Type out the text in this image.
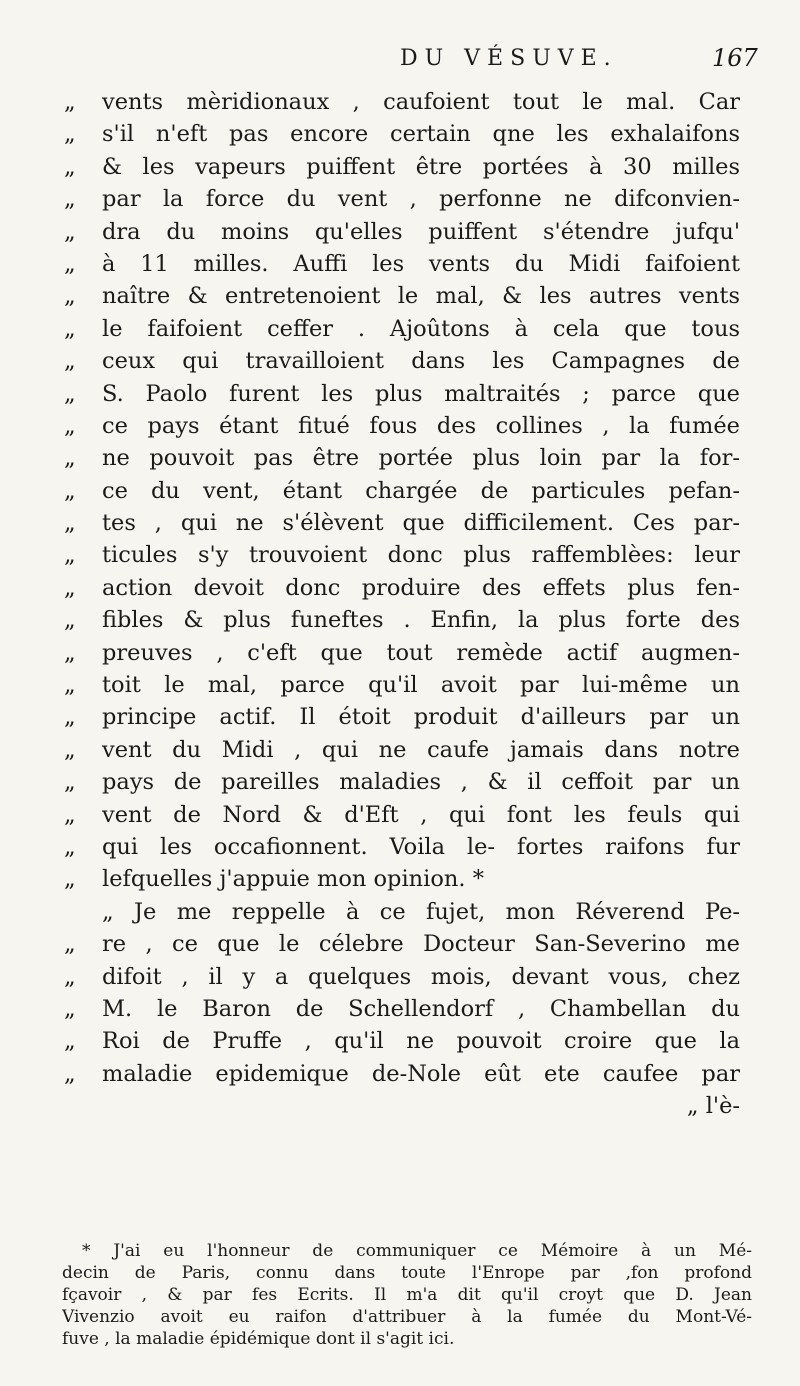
DU VÉSUVE.	167
„	vents mèridionaux , caufoient tout le mal. Car
„	s'il n'eft pas encore certain qne les exhalaifons
„	& les vapeurs puiffent être portées à 30 milles
„	par la force du vent , perfonne ne difconvien-
„	dra du moins qu'elles puiffent s'étendre jufqu'
„	à 11 milles. Auffi les vents du Midi faifoient
„	naître & entretenoient le mal, & les autres vents
„	le faifoient ceffer . Ajoûtons à cela que tous
„	ceux qui travailloient dans les Campagnes de
„	S. Paolo furent les plus maltraités ; parce que
„	ce pays étant fitué fous des collines , la fumée
„	ne pouvoit pas être portée plus loin par la for-
„	ce du vent, étant chargée de particules pefan-
„	tes , qui ne s'élèvent que difficilement. Ces par-
„	ticules s'y trouvoient donc plus raffemblèes: leur
„	aᴄtion devoit donc produire des effets plus fen-
„	fibles & plus funeftes . Enfin, la plus forte des
„	preuves , c'eft que tout remède aᴄtif augmen-
„	toit le mal, parce qu'il avoit par lui-même un
„	principe aᴄtif. Il étoit produit d'ailleurs par un
„	vent du Midi , qui ne caufe jamais dans notre
„	pays de pareilles maladies , & il ceffoit par un
„	vent de Nord & d'Eft , qui font les feuls qui
„	qui les occafionnent. Voila le- fortes raifons fur
„	lefquelles j'appuie mon opinion. *
„ Je me reppelle à ce fujet, mon Réverend Pe-
„	re , ce que le célebre Doᴄteur San-Severino me
„	difoit , il y a quelques mois, devant vous, chez
„	M. le Baron de Schellendorf , Chambellan du
„	Roi de Pruffe , qu'il ne pouvoit croire que la
„	maladie epidemique de-Nole eût ete caufee par
„ l'è-
* J'ai eu l'honneur de communiquer ce Mémoire à un Mé-
decin de Paris, connu dans toute l'Enrope par ,fon profond
fçavoir , & par fes Ecrits. Il m'a dit qu'il croyt que D. Jean
Vivenzio avoit eu raifon d'attribuer à la fumée du Mont-Vé-
fuve , la maladie épidémique dont il s'agit ici.
